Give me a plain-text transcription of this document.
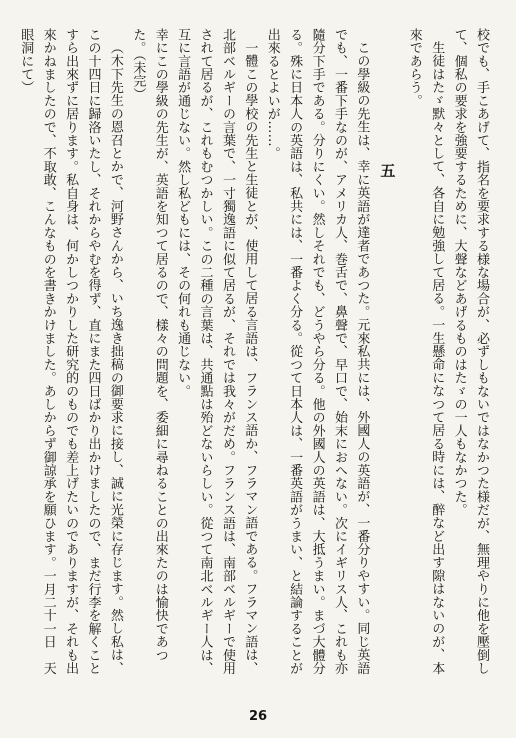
校でも、手こあげて、指名を要求する様な場合が、必ずしもないではなかつた様だが、無理やりに他を壓倒して、個私の要求を強要するために、大聲などあげるものはたゞの一人もなかつた。

生徒はたゞ默々として、各自に勉強して居る。一生懸命になつて居る時には、醉など出す隙はないのが、本來であらう。

五

この學級の先生は、幸に英語が達者であつた。元來私共には、外國人の英語が、一番分りやすい。同じ英語でも、一番下手なのが、アメリカ人、巻舌で、鼻聲で、早口で、始末におへない。次にイギリス人、これも亦隨分下手である。分りにくい。然しそれでも、どうやら分る。他の外國人の英語は、大抵うまい。まづ大體分る。殊に日本人の英語は、私共には、一番よく分る。從つて日本人は、一番英語がうまい、と結論することが出來るとよいが……。

一體この學校の先生と生徒とが、使用して居る言語は、フランス語か、フラマン語である。フラマン語は、北部ベルギーの言葉で、一寸獨逸語に似て居るが、それでは我々がだめ。フランス語は、南部ベルギーで使用されて居るが、これもむつかしい。この二種の言葉は、共通點は殆どないらしい。從つて南北ベルギー人は、互に言語が通じない。然し私どもには、その何れも通じない。

幸にこの學級の先生が、英語を知つて居るので、樣々の問題を、委細に尋ねることの出來たのは愉快であつた。（未完）

（木下先生の恩召とかで、河野さんから、いち逸き拙稿の御要求に接し、誠に光榮に存じます。然し私は、この十四日に歸洛いたし、それからやむを得ず、直にまた四日ばかり出かけましたので、まだ行李を解くことすら出來ずに居ります。私自身は、何かしつかりした研究的のものでも差上げたいのでありますが、それも出來かねましたので、不取敢、こんなものを書きかけました。あしからず御諒承を願ひます。一月二十一日　天眼洞にて）

26
